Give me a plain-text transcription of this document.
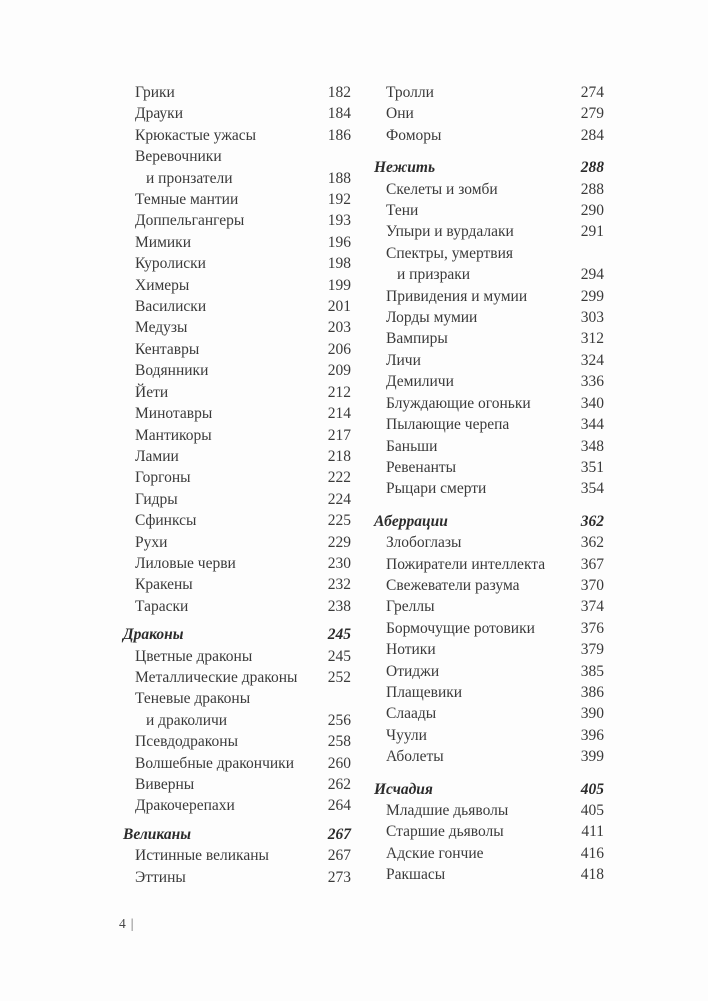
Грики	182
Драуки	184
Крюкастые ужасы	186
Веревочники
и пронзатели	188
Темные мантии	192
Доппельгангеры	193
Мимики	196
Куролиски	198
Химеры	199
Василиски	201
Медузы	203
Кентавры	206
Водянники	209
Йети	212
Минотавры	214
Мантикоры	217
Ламии	218
Горгоны	222
Гидры	224
Сфинксы	225
Рухи	229
Лиловые черви	230
Кракены	232
Тараски	238
Драконы	245
Цветные драконы	245
Металлические драконы 252
Теневые драконы
и драколичи	256
Псевдодраконы	258
Волшебные дракончики 260
Виверны	262
Дракочерепахи	264
Великаны	267
Истинные великаны	267
Эттины	273
Тролли	274
Они	279
Фоморы	284
Нежить	288
Скелеты и зомби	288
Тени	290
Упыри и вурдалаки	291
Спектры, умертвия
и призраки	294
Привидения и мумии	299
Лорды мумии	303
Вампиры	312
Личи	324
Демиличи	336
Блуждающие огоньки	340
Пылающие черепа	344
Баньши	348
Ревенанты	351
Рыцари смерти	354
Аберрации	362
Злобоглазы	362
Пожиратели интеллекта 367
Свежеватели разума	370
Греллы	374
Бормочущие ротовики	376
Нотики	379
Отиджи	385
Плащевики	386
Слаады	390
Чуули	396
Аболеты	399
Исчадия	405
Младшие дьяволы	405
Старшие дьяволы	411
Адские гончие	416
Ракшасы	418
4 |
